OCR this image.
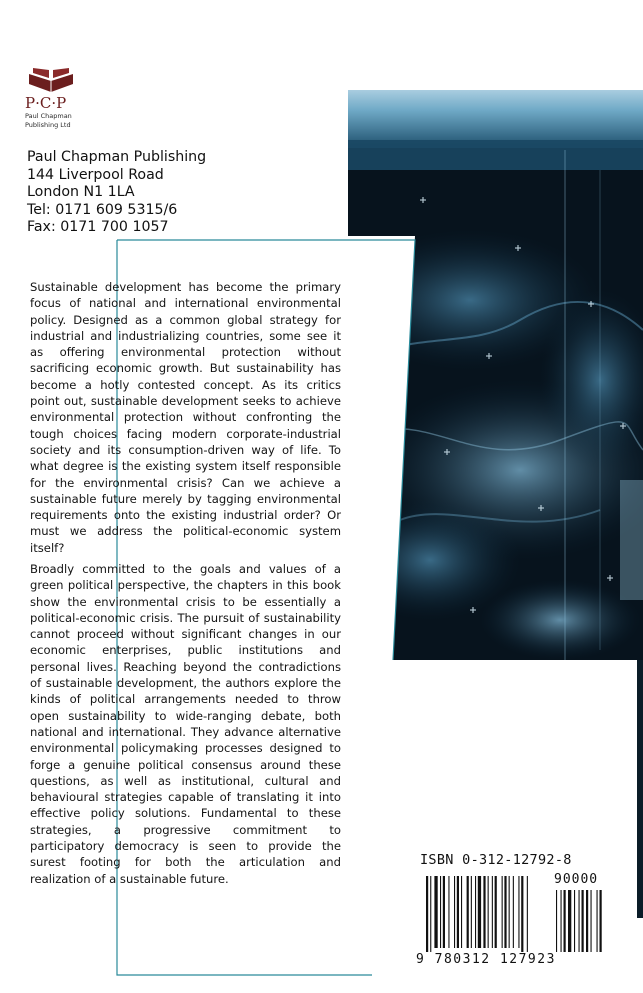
P·C·P
Paul Chapman
Publishing Ltd
Paul Chapman Publishing
144 Liverpool Road
London N1 1LA
Tel: 0171 609 5315/6
Fax: 0171 700 1057
Sustainable development has become the primary focus of national and international environmental policy. Designed as a common global strategy for industrial and industrializing countries, some see it as offering environmental protection without sacrificing economic growth. But sustainability has become a hotly contested concept. As its critics point out, sustainable development seeks to achieve environmental protection without confronting the tough choices facing modern corporate-industrial society and its consumption-driven way of life. To what degree is the existing system itself responsible for the environmental crisis? Can we achieve a sustainable future merely by tagging environmental requirements onto the existing industrial order? Or must we address the political-economic system itself?
Broadly committed to the goals and values of a green political perspective, the chapters in this book show the environmental crisis to be essentially a political-economic crisis. The pursuit of sustainability cannot proceed without significant changes in our economic enterprises, public institutions and personal lives. Reaching beyond the contradictions of sustainable development, the authors explore the kinds of political arrangements needed to throw open sustainability to wide-ranging debate, both national and international. They advance alternative environmental policymaking processes designed to forge a genuine political consensus around these questions, as well as institutional, cultural and behavioural strategies capable of translating it into effective policy solutions. Fundamental to these strategies, a progressive commitment to participatory democracy is seen to provide the surest footing for both the articulation and realization of a sustainable future.
ISBN 0-312-12792-8
90000
9 780312 127923
